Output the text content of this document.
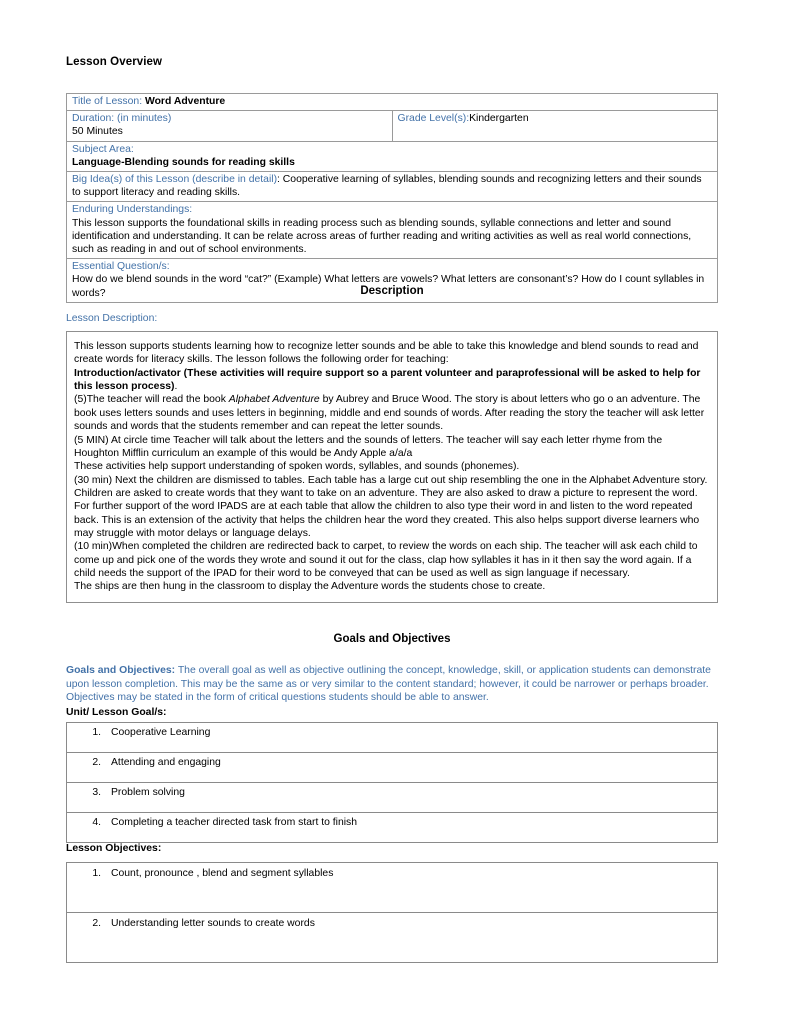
Lesson Overview
Title of Lesson: Word Adventure

Duration: (in minutes)
50 Minutes
	Grade Level(s):Kindergarten

Subject Area:
Language-Blending sounds for reading skills

Big Idea(s) of this Lesson (describe in detail): Cooperative learning of syllables, blending sounds and recognizing letters and their sounds to support literacy and reading skills.

Enduring Understandings:
This lesson supports the foundational skills in reading process such as blending sounds, syllable connections and letter and sound identification and understanding. It can be relate across areas of further reading and writing activities as well as real world connections, such as reading in and out of school environments.

Essential Question/s:
How do we blend sounds in the word “cat?” (Example) What letters are vowels? What letters are consonant’s? How do I count syllables in words?	Description
Lesson Description:

This lesson supports students learning how to recognize letter sounds and be able to take this knowledge and blend sounds to read and create words for literacy skills. The lesson follows the following order for teaching:

Introduction/activator (These activities will require support so a parent volunteer and paraprofessional will be asked to help for this lesson process).

(5)The teacher will read the book Alphabet Adventure by Aubrey and Bruce Wood. The story is about letters who go o an adventure. The book uses letters sounds and uses letters in beginning, middle and end sounds of words. After reading the story the teacher will ask letter sounds and words that the students remember and can repeat the letter sounds.

(5 MIN) At circle time Teacher will talk about the letters and the sounds of letters. The teacher will say each letter rhyme from the Houghton Mifflin curriculum an example of this would be Andy Apple a/a/a

These activities help support understanding of spoken words, syllables, and sounds (phonemes).

(30 min) Next the children are dismissed to tables. Each table has a large cut out ship resembling the one in the Alphabet Adventure story. Children are asked to create words that they want to take on an adventure. They are also asked to draw a picture to represent the word. For further support of the word IPADS are at each table that allow the children to also type their word in and listen to the word repeated back. This is an extension of the activity that helps the children hear the word they created. This also helps support diverse learners who may struggle with motor delays or language delays.

(10 min)When completed the children are redirected back to carpet, to review the words on each ship. The teacher will ask each child to come up and pick one of the words they wrote and sound it out for the class, clap how syllables it has in it then say the word again. If a child needs the support of the IPAD for their word to be conveyed that can be used as well as sign language if necessary.

The ships are then hung in the classroom to display the Adventure words the students chose to create.

Goals and Objectives
Goals and Objectives: The overall goal as well as objective outlining the concept, knowledge, skill, or application students can demonstrate upon lesson completion. This may be the same as or very similar to the content standard; however, it could be narrower or perhaps broader. Objectives may be stated in the form of critical questions students should be able to answer.
Unit/ Lesson Goal/s:
1. Cooperative Learning

2. Attending and engaging

3. Problem solving

4. Completing a teacher directed task from start to finish
Lesson Objectives:
1. Count, pronounce , blend and segment syllables

2. Understanding letter sounds to create words
